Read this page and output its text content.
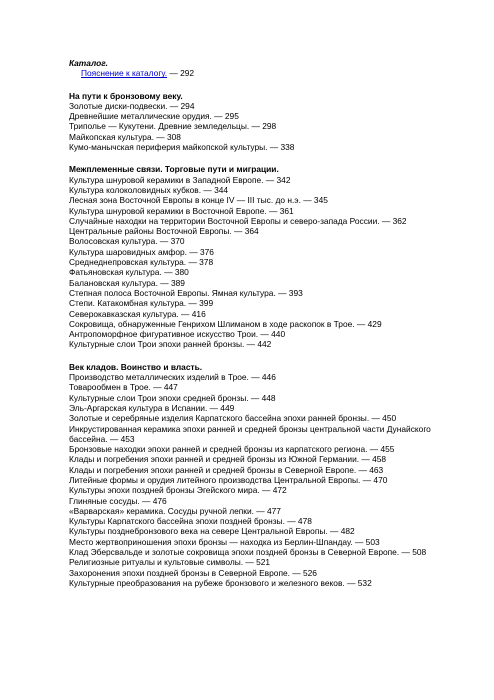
Каталог.
Пояснение к каталогу. — 292
На пути к бронзовому веку.
Золотые диски-подвески. — 294
Древнейшие металлические орудия. — 295
Триполье — Кукутени. Древние земледельцы. — 298
Майкопская культура. — 308
Кумо-манычская периферия майкопской культуры. — 338
Межплеменные связи. Торговые пути и миграции.
Культура шнуровой керамики в Западной Европе. — 342
Культура колоколовидных кубков. — 344
Лесная зона Восточной Европы в конце IV — III тыс. до н.э. — 345
Культура шнуровой керамики в Восточной Европе. — 361
Случайные находки на территории Восточной Европы и северо-запада России. — 362
Центральные районы Восточной Европы. — 364
Волосовская культура. — 370
Культура шаровидных амфор. — 376
Среднеднепровская культура. — 378
Фатьяновская культура. — 380
Балановская культура. — 389
Степная полоса Восточной Европы. Ямная культура. — 393
Степи. Катакомбная культура. — 399
Северокавказская культура. — 416
Сокровища, обнаруженные Генрихом Шлиманом в ходе раскопок в Трое. — 429
Антропоморфное фигуративное искусство Трои. — 440
Культурные слои Трои эпохи ранней бронзы. — 442
Век кладов. Воинство и власть.
Производство металлических изделий в Трое. — 446
Товарообмен в Трое. — 447
Культурные слои Трои эпохи средней бронзы. — 448
Эль-Аргарская культура в Испании. — 449
Золотые и серебряные изделия Карпатского бассейна эпохи ранней бронзы. — 450
Инкрустированная керамика эпохи ранней и средней бронзы центральной части Дунайского
бассейна. — 453
Бронзовые находки эпохи ранней и средней бронзы из карпатского региона. — 455
Клады и погребения эпохи ранней и средней бронзы из Южной Германии. — 458
Клады и погребения эпохи ранней и средней бронзы в Северной Европе. — 463
Литейные формы и орудия литейного производства Центральной Европы. — 470
Культуры эпохи поздней бронзы Эгейского мира. — 472
Глиняные сосуды. — 476
«Варварская» керамика. Сосуды ручной лепки. — 477
Культуры Карпатского бассейна эпохи поздней бронзы. — 478
Культуры позднебронзового века на севере Центральной Европы. — 482
Место жертвоприношения эпохи бронзы — находка из Берлин-Шпандау. — 503
Клад Эберсвальде и золотые сокровища эпохи поздней бронзы в Северной Европе. — 508
Религиозные ритуалы и культовые символы. — 521
Захоронения эпохи поздней бронзы в Северной Европе. — 526
Культурные преобразования на рубеже бронзового и железного веков. — 532
